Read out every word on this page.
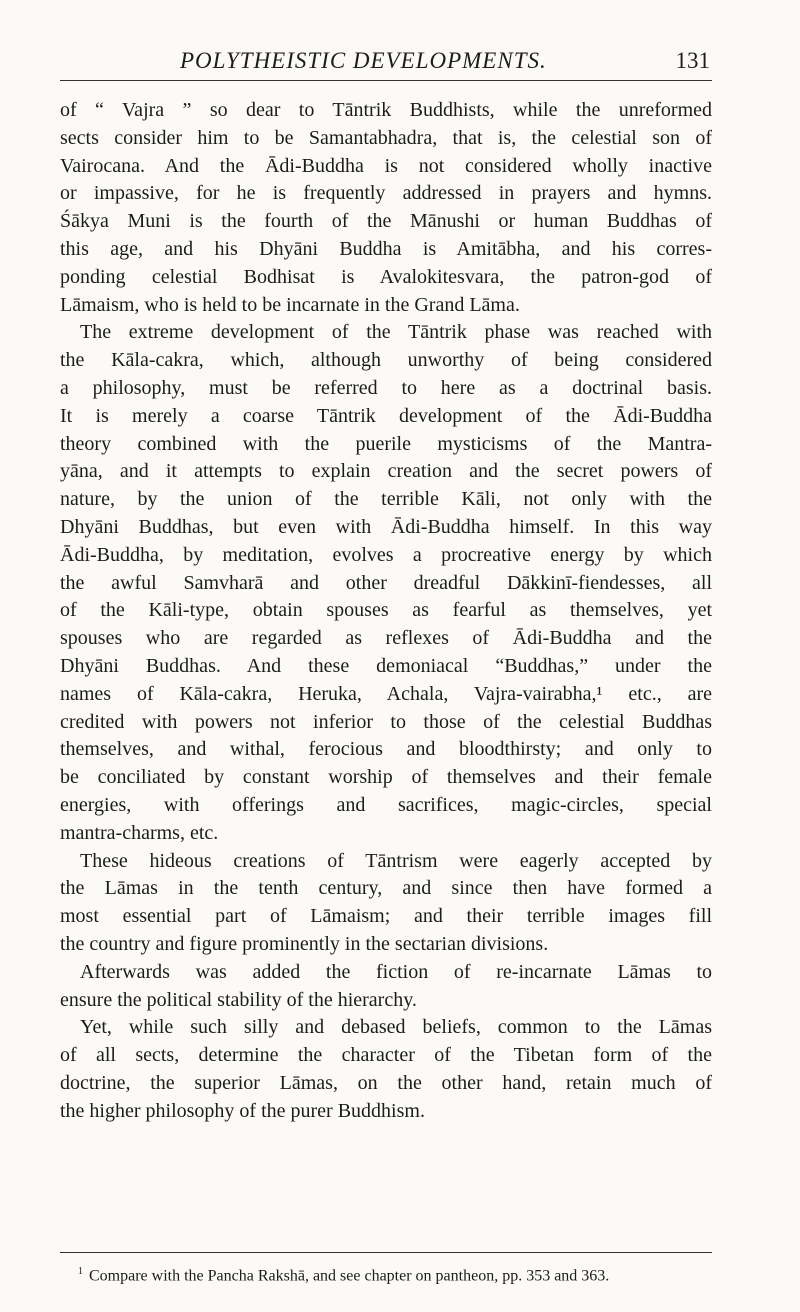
POLYTHEISTIC DEVELOPMENTS.	131
of “ Vajra ” so dear to Tāntrik Buddhists, while the unreformed
sects consider him to be Samantabhadra, that is, the celestial son of
Vairocana. And the Ādi-Buddha is not considered wholly inactive
or impassive, for he is frequently addressed in prayers and hymns.
Śākya Muni is the fourth of the Mānushi or human Buddhas of
this age, and his Dhyāni Buddha is Amitābha, and his corres-
ponding celestial Bodhisat is Avalokitesvara, the patron-god of
Lāmaism, who is held to be incarnate in the Grand Lāma.
The extreme development of the Tāntrik phase was reached with
the Kāla-cakra, which, although unworthy of being considered
a philosophy, must be referred to here as a doctrinal basis.
It is merely a coarse Tāntrik development of the Ādi-Buddha
theory combined with the puerile mysticisms of the Mantra-
yāna, and it attempts to explain creation and the secret powers of
nature, by the union of the terrible Kāli, not only with the
Dhyāni Buddhas, but even with Ādi-Buddha himself. In this way
Ādi-Buddha, by meditation, evolves a procreative energy by which
the awful Samvharā and other dreadful Dākkinī-fiendesses, all
of the Kāli-type, obtain spouses as fearful as themselves, yet
spouses who are regarded as reflexes of Ādi-Buddha and the
Dhyāni Buddhas. And these demoniacal “Buddhas,” under the
names of Kāla-cakra, Heruka, Achala, Vajra-vairabha,¹ etc., are
credited with powers not inferior to those of the celestial Buddhas
themselves, and withal, ferocious and bloodthirsty; and only to
be conciliated by constant worship of themselves and their female
energies, with offerings and sacrifices, magic-circles, special
mantra-charms, etc.
These hideous creations of Tāntrism were eagerly accepted by
the Lāmas in the tenth century, and since then have formed a
most essential part of Lāmaism; and their terrible images fill
the country and figure prominently in the sectarian divisions.
Afterwards was added the fiction of re-incarnate Lāmas to
ensure the political stability of the hierarchy.
Yet, while such silly and debased beliefs, common to the Lāmas
of all sects, determine the character of the Tibetan form of the
doctrine, the superior Lāmas, on the other hand, retain much of
the higher philosophy of the purer Buddhism.
$^1$ Compare with the Pancha Rakshā, and see chapter on pantheon, pp. 353 and 363.
